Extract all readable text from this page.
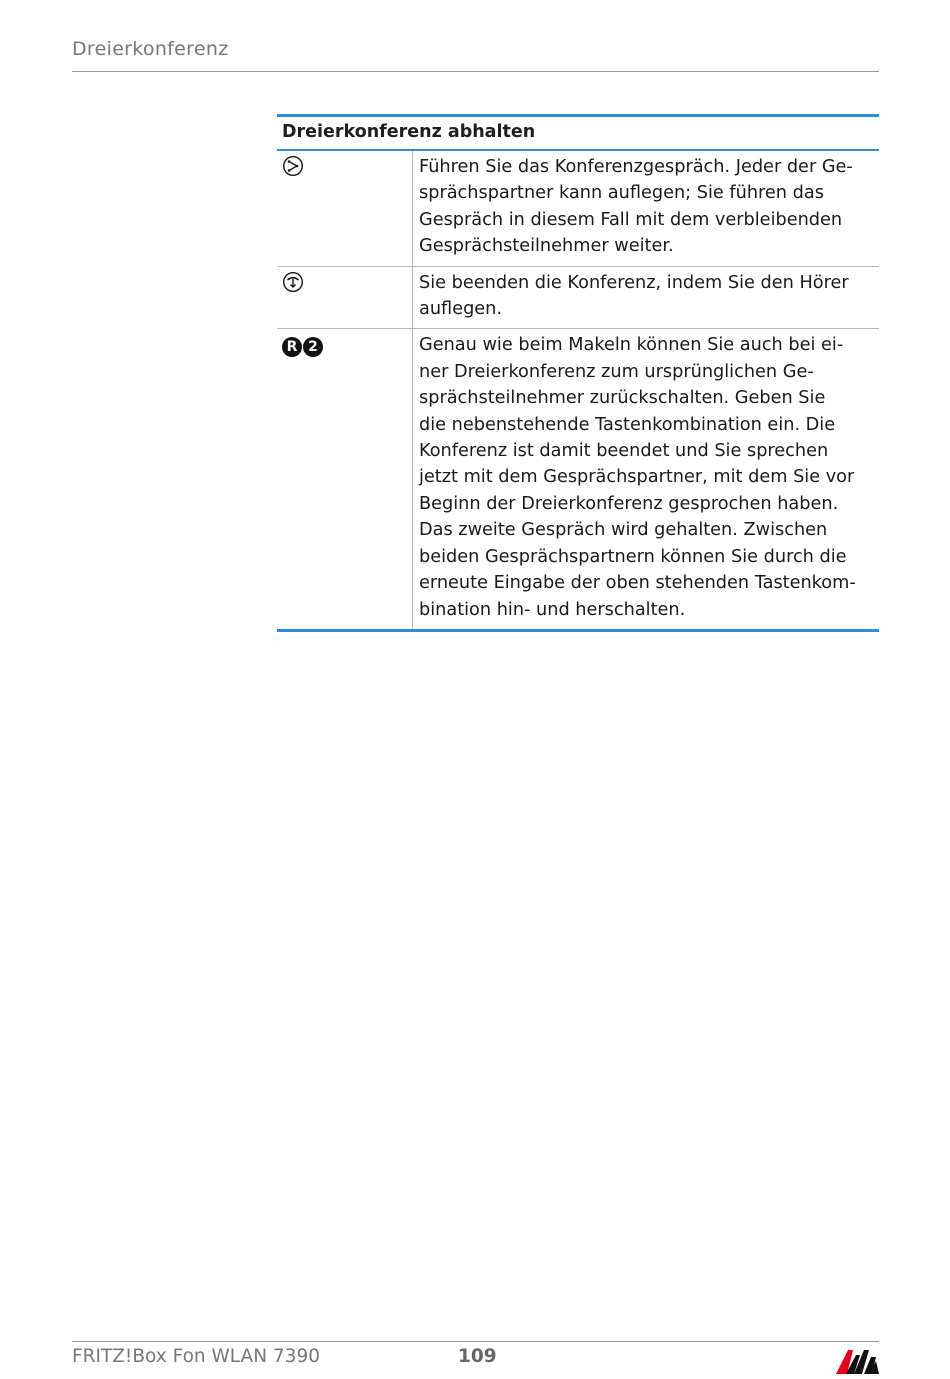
Dreierkonferenz
Dreierkonferenz abhalten
Führen Sie das Konferenzgespräch. Jeder der Ge-
sprächspartner kann auflegen; Sie führen das
Gespräch in diesem Fall mit dem verbleibenden
Gesprächsteilnehmer weiter.
Sie beenden die Konferenz, indem Sie den Hörer
auflegen.
R 2	Genau wie beim Makeln können Sie auch bei ei-
ner Dreierkonferenz zum ursprünglichen Ge-
sprächsteilnehmer zurückschalten. Geben Sie
die nebenstehende Tastenkombination ein. Die
Konferenz ist damit beendet und Sie sprechen
jetzt mit dem Gesprächspartner, mit dem Sie vor
Beginn der Dreierkonferenz gesprochen haben.
Das zweite Gespräch wird gehalten. Zwischen
beiden Gesprächspartnern können Sie durch die
erneute Eingabe der oben stehenden Tastenkom-
bination hin- und herschalten.
FRITZ!Box Fon WLAN 7390	109
